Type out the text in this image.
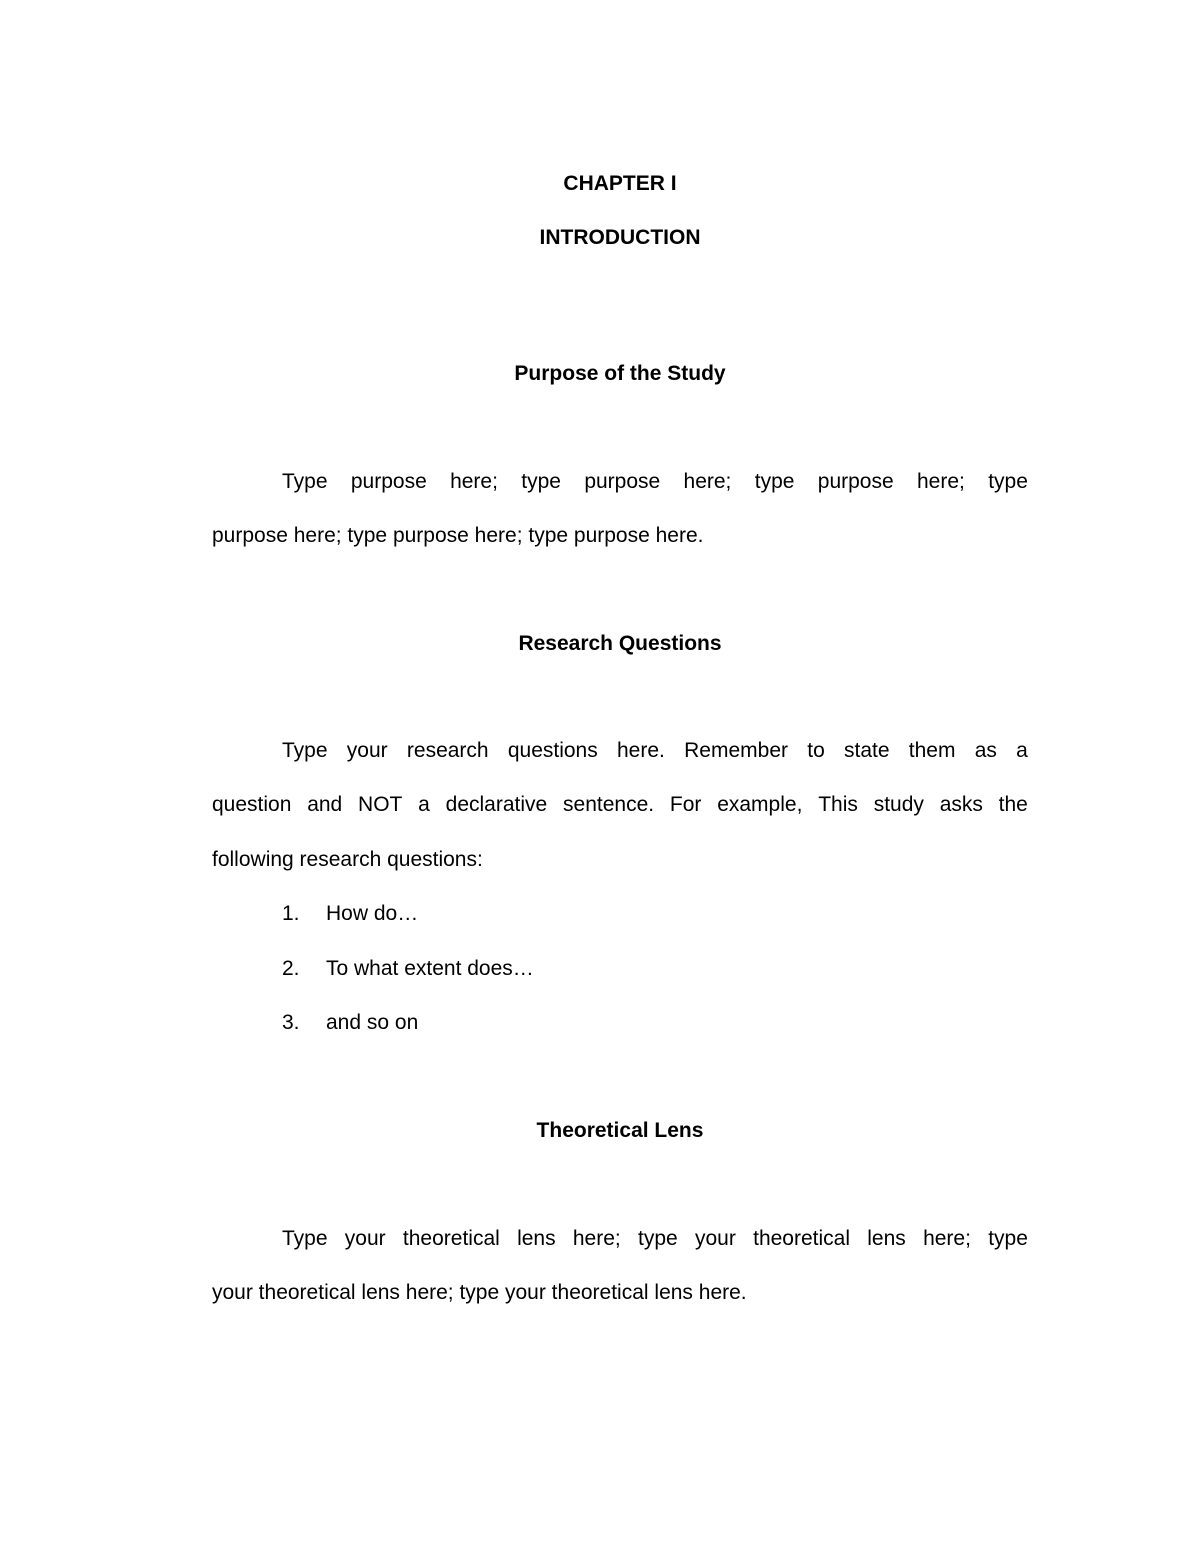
CHAPTER I
INTRODUCTION
Purpose of the Study
Type purpose here; type purpose here; type purpose here; type
purpose here; type purpose here; type purpose here.
Research Questions
Type your research questions here. Remember to state them as a
question and NOT a declarative sentence. For example, This study asks the
following research questions:
1. How do…
2. To what extent does…
3. and so on
Theoretical Lens
Type your theoretical lens here; type your theoretical lens here; type
your theoretical lens here; type your theoretical lens here.
